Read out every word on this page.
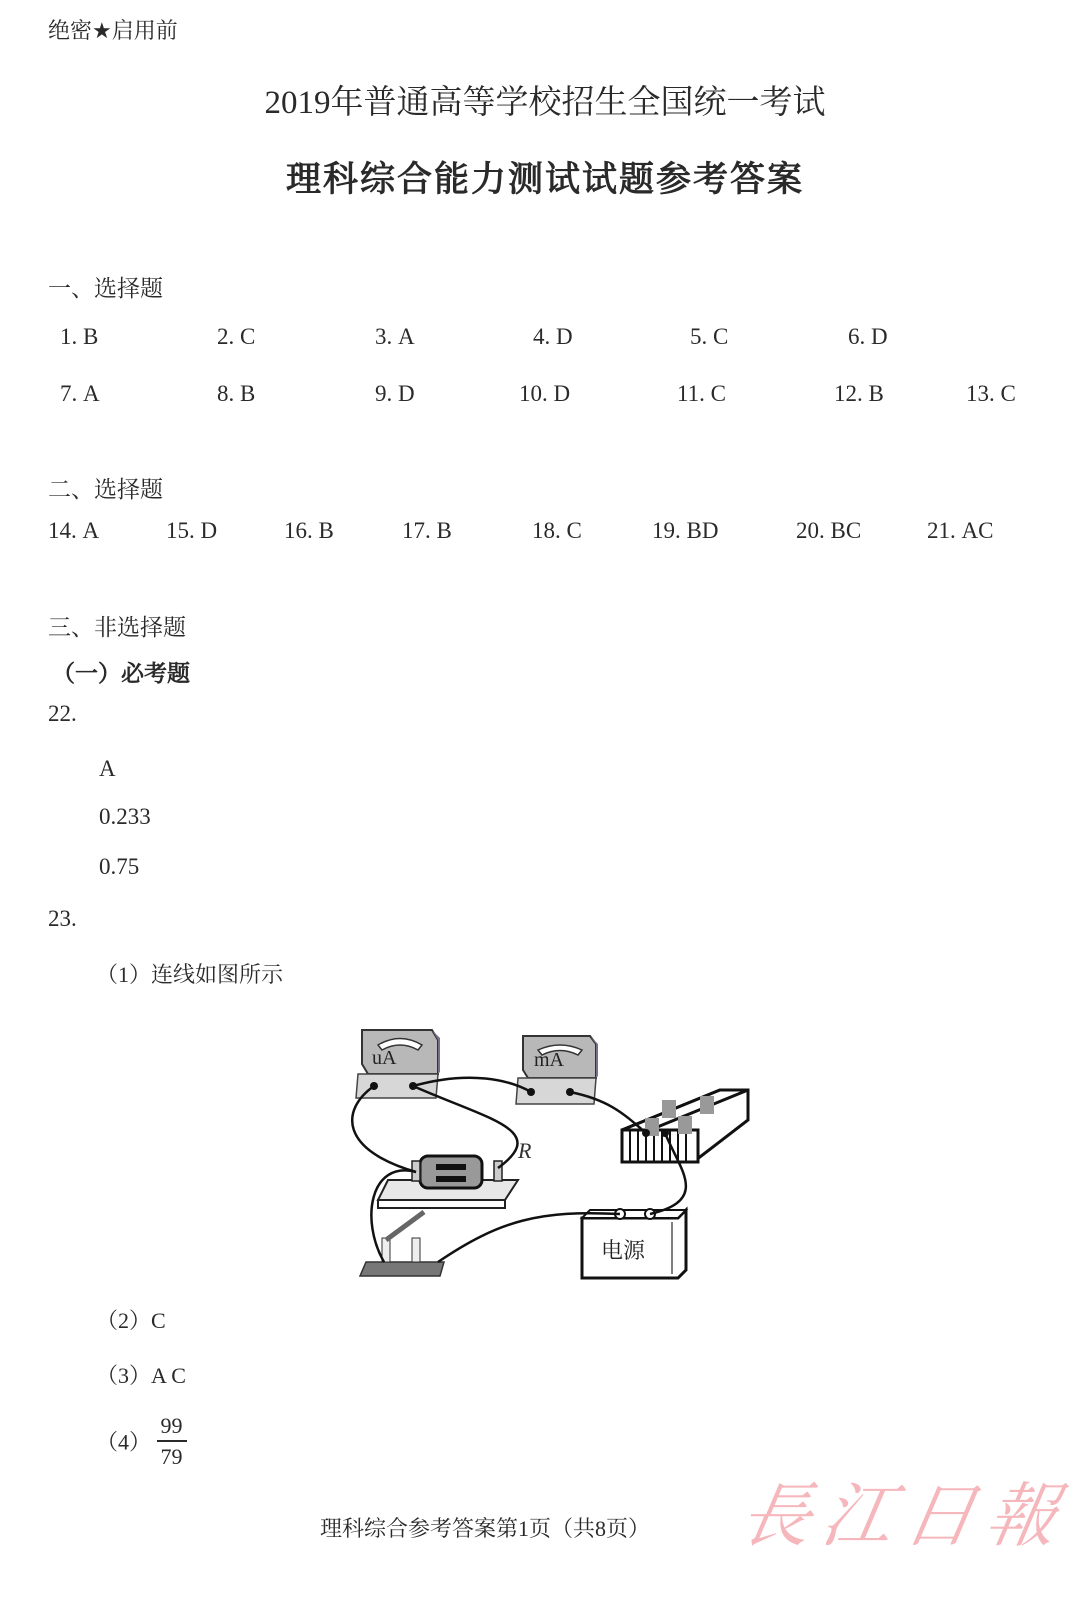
绝密★启用前
2019年普通高等学校招生全国统一考试
理科综合能力测试试题参考答案
一、选择题
1. B	2. C	3. A	4. D	5. C	6. D
7. A	8. B	9. D	10. D	11. C	12. B	13. C
二、选择题
14. A	15. D	16. B	17. B	18. C	19. BD	20. BC	21. AC
三、非选择题
（一）必考题
22.
A
0.233
0.75
23.
（1）连线如图所示
uA	mA
R
电源
（2）C
（3）A C
$(4) \frac{99}{79}$
理科综合参考答案第1页（共8页） 長江日報
